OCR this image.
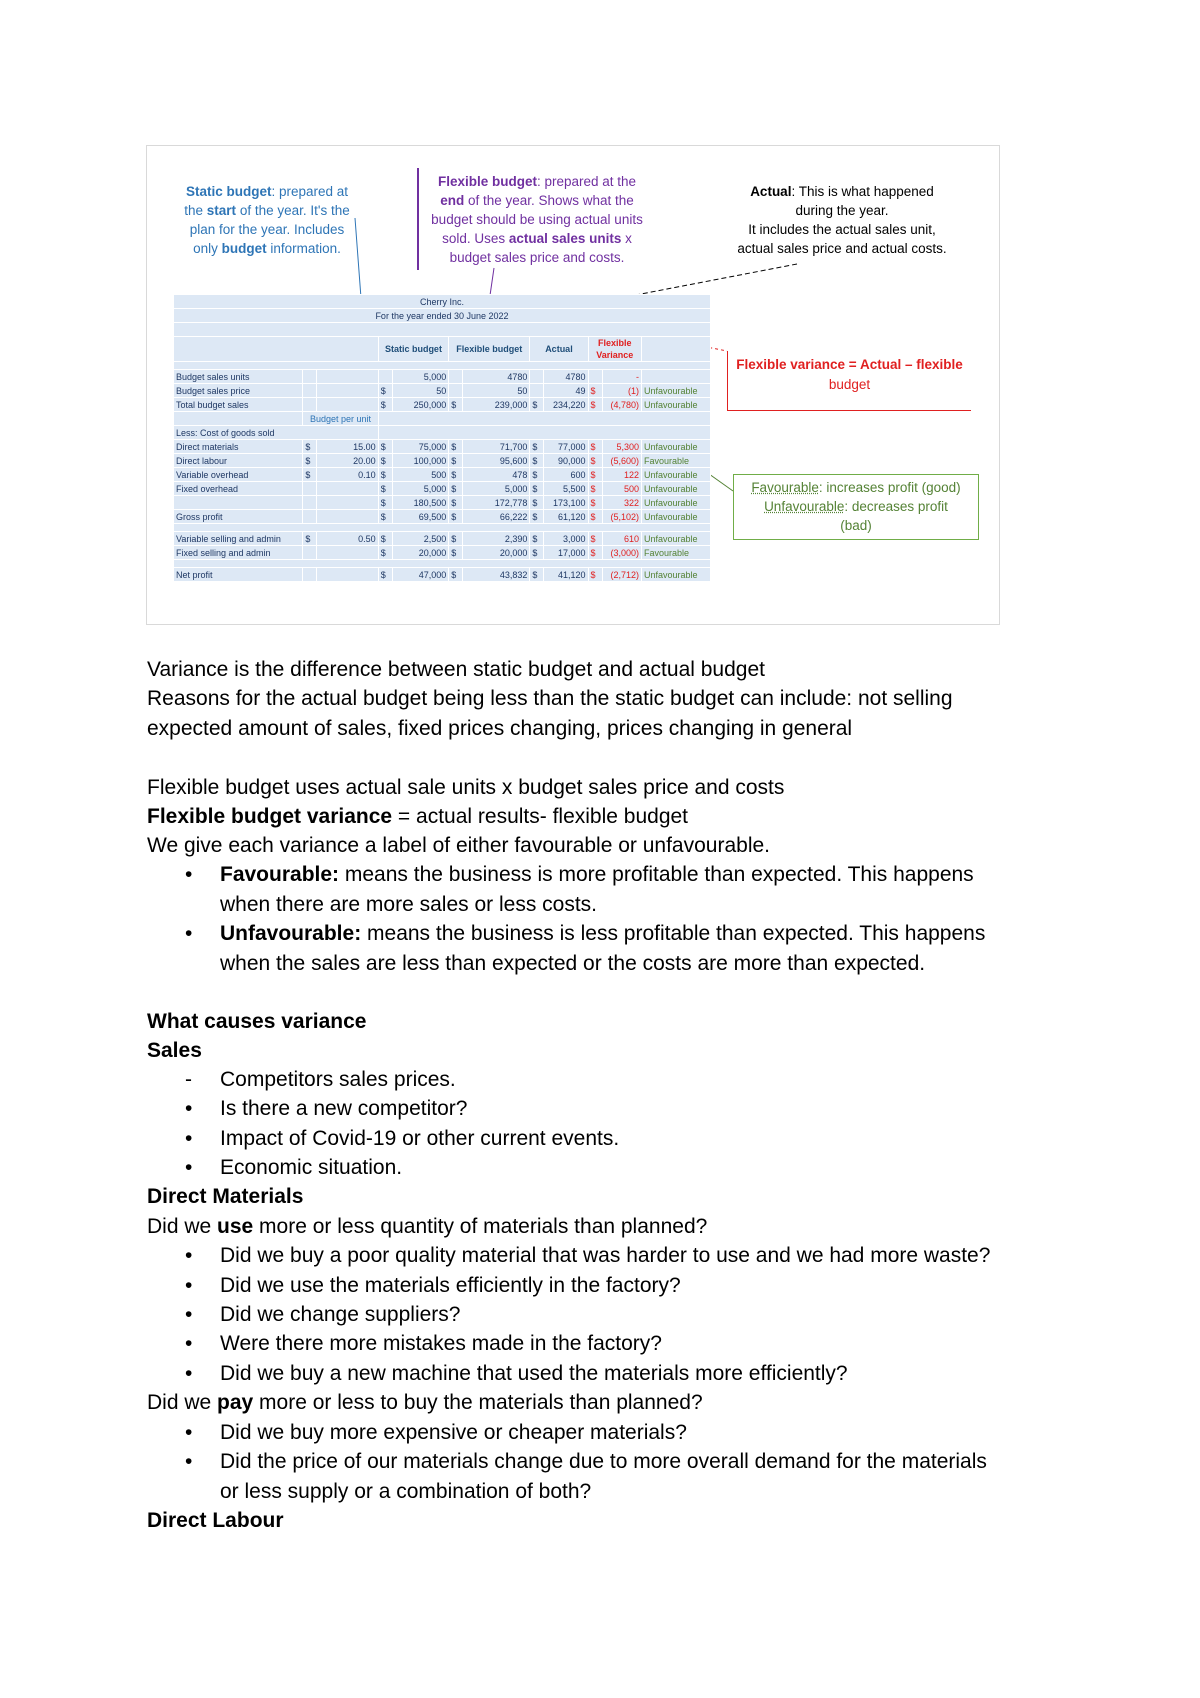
Static budget: prepared at
the start of the year. It's the
plan for the year. Includes
only budget information.
Flexible budget: prepared at the
end of the year. Shows what the
budget should be using actual units
sold. Uses actual sales units x
budget sales price and costs.
Actual: This is what happened
during the year.
It includes the actual sales unit,
actual sales price and actual costs.
Flexible variance = Actual – flexible
budget
Favourable: increases profit (good)
Unfavourable: decreases profit
(bad)
Cherry Inc.											
For the year ended 30 June 2022											

			Static budget		Flexible budget		Actual		Flexible
Variance		

Budget sales units				5,000		4780		4780		-	
Budget sales price			$	50		50		49	$	(1)	Unfavourable
Total budget sales			$	250,000	$	239,000	$	234,220	$	(4,780)	Unfavourable
	Budget per unit										
Less: Cost of goods sold											
Direct materials	$	15.00	$	75,000	$	71,700	$	77,000	$	5,300	Unfavourable
Direct labour	$	20.00	$	100,000	$	95,600	$	90,000	$	(5,600)	Favourable
Variable overhead	$	0.10	$	500	$	478	$	600	$	122	Unfavourable
Fixed overhead			$	5,000	$	5,000	$	5,500	$	500	Unfavourable
			$	180,500	$	172,778	$	173,100	$	322	Unfavourable
Gross profit			$	69,500	$	66,222	$	61,120	$	(5,102)	Unfavourable

Variable selling and admin	$	0.50	$	2,500	$	2,390	$	3,000	$	610	Unfavourable
Fixed selling and admin			$	20,000	$	20,000	$	17,000	$	(3,000)	Favourable

Net profit			$	47,000	$	43,832	$	41,120	$	(2,712)	Unfavourable
Variance is the difference between static budget and actual budget
Reasons for the actual budget being less than the static budget can include: not selling
expected amount of sales, fixed prices changing, prices changing in general
Flexible budget uses actual sale units x budget sales price and costs
Flexible budget variance = actual results- flexible budget
We give each variance a label of either favourable or unfavourable.
• Favourable: means the business is more profitable than expected. This happens
when there are more sales or less costs.
• Unfavourable: means the business is less profitable than expected. This happens
when the sales are less than expected or the costs are more than expected.
What causes variance
Sales
- Competitors sales prices.
• Is there a new competitor?
• Impact of Covid-19 or other current events.
• Economic situation.
Direct Materials
Did we use more or less quantity of materials than planned?
• Did we buy a poor quality material that was harder to use and we had more waste?
• Did we use the materials efficiently in the factory?
• Did we change suppliers?
• Were there more mistakes made in the factory?
• Did we buy a new machine that used the materials more efficiently?
Did we pay more or less to buy the materials than planned?
• Did we buy more expensive or cheaper materials?
• Did the price of our materials change due to more overall demand for the materials
or less supply or a combination of both?
Direct Labour
